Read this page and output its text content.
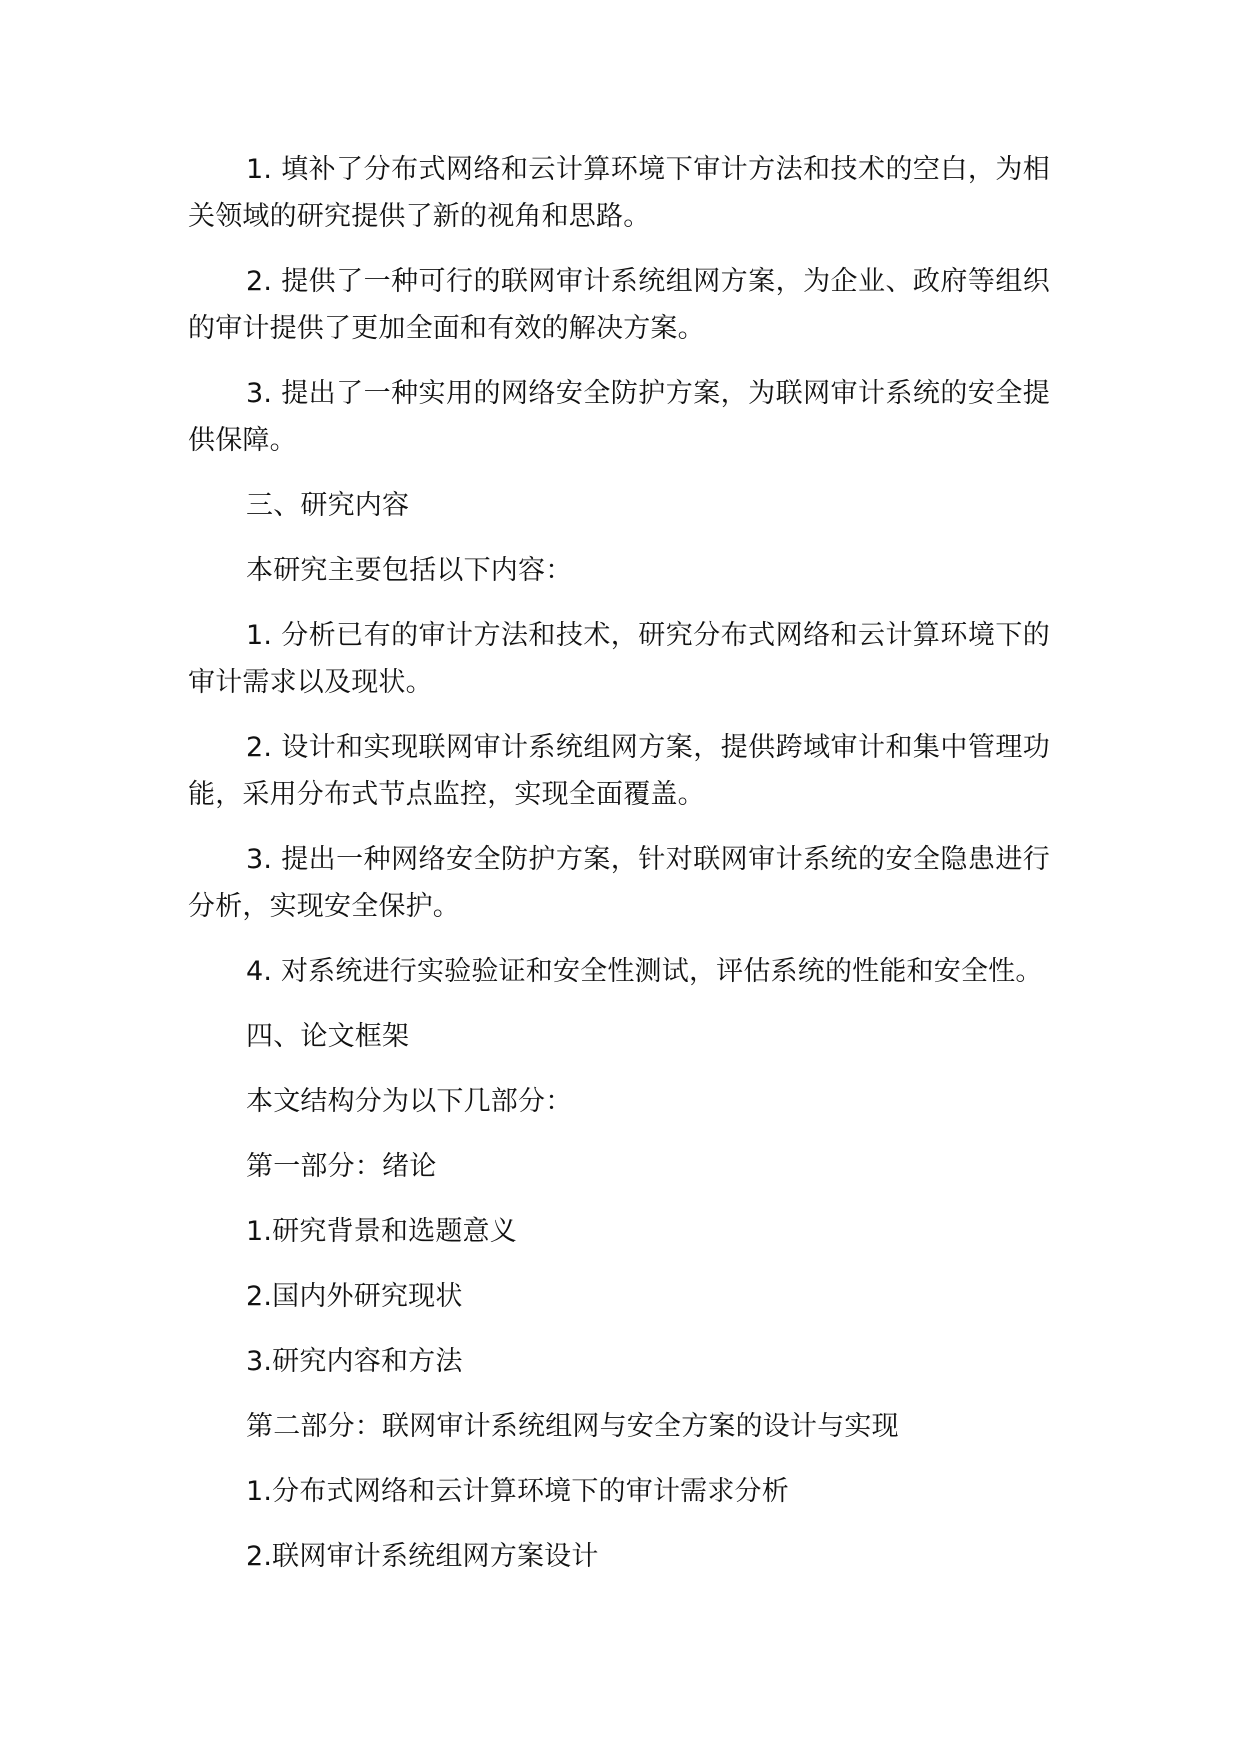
1. 填补了分布式网络和云计算环境下审计方法和技术的空白，为相关领域的研究提供了新的视角和思路。

2. 提供了一种可行的联网审计系统组网方案，为企业、政府等组织的审计提供了更加全面和有效的解决方案。

3. 提出了一种实用的网络安全防护方案，为联网审计系统的安全提供保障。

三、研究内容

本研究主要包括以下内容：

1. 分析已有的审计方法和技术，研究分布式网络和云计算环境下的审计需求以及现状。

2. 设计和实现联网审计系统组网方案，提供跨域审计和集中管理功能，采用分布式节点监控，实现全面覆盖。

3. 提出一种网络安全防护方案，针对联网审计系统的安全隐患进行分析，实现安全保护。

4. 对系统进行实验验证和安全性测试，评估系统的性能和安全性。

四、论文框架

本文结构分为以下几部分：

第一部分：绪论

1.研究背景和选题意义

2.国内外研究现状

3.研究内容和方法

第二部分：联网审计系统组网与安全方案的设计与实现

1.分布式网络和云计算环境下的审计需求分析

2.联网审计系统组网方案设计
